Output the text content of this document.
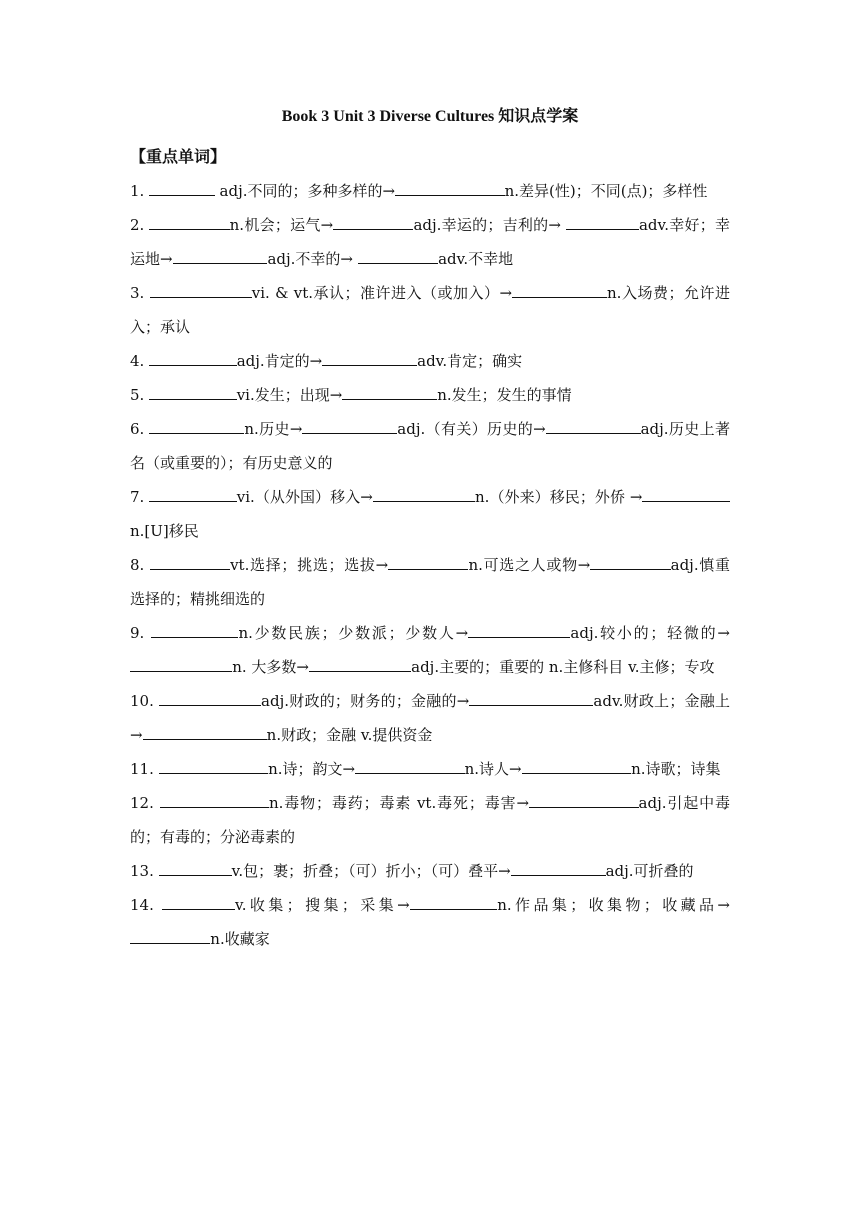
Book 3 Unit 3 Diverse Cultures 知识点学案
【重点单词】
1.	adj.不同的；多种多样的→	n.差异(性)；不同(点)；多样性
2.	n.机会；运气→	adj.幸运的；吉利的→	adv.幸好；幸运地→	adj.不幸的→	adv.不幸地
3.	vi. & vt.承认；准许进入（或加入）→	n.入场费；允许进入；承认
4.	adj.肯定的→	adv.肯定；确实
5.	vi.发生；出现→	n.发生；发生的事情
6.	n.历史→	adj.（有关）历史的→	adj.历史上著名（或重要的）；有历史意义的
7.	vi.（从外国）移入→	n.（外来）移民；外侨 →n.[U]移民
8.	vt.选择；挑选；选拔→	n.可选之人或物→	adj.慎重选择的；精挑细选的
9.	n.少数民族；少数派；少数人→	adj.较小的；轻微的→n. 大多数→	adj.主要的；重要的 n.主修科目 v.主修；专攻
10.	adj.财政的；财务的；金融的→	adv.财政上；金融上→	n.财政；金融 v.提供资金
11.	n.诗；韵文→	n.诗人→	n.诗歌；诗集
12.	n.毒物；毒药；毒素 vt.毒死；毒害→	adj.引起中毒的；有毒的；分泌毒素的
13.	v.包；裹；折叠；（可）折小；（可）叠平→	adj.可折叠的
14.	v.收集；搜集；采集→	n.作品集；收集物；收藏品→n.收藏家
